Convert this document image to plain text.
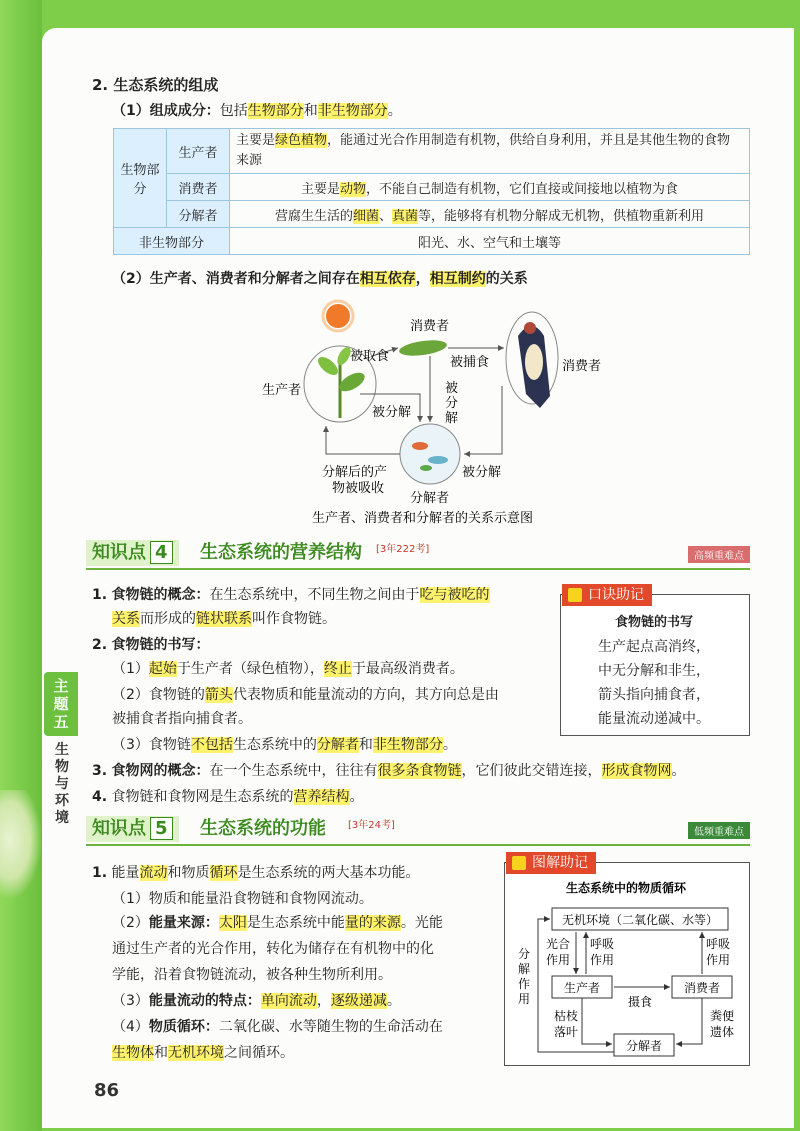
主
题
五
生
物
与
环
境
2. 生态系统的组成
（1）组成成分：包括生物部分和非生物部分。
生物部分	生产者	主要是绿色植物，能通过光合作用制造有机物，供给自身利用，并且是其他生物的食物
来源
	消费者	主要是动物，不能自己制造有机物，它们直接或间接地以植物为食
	分解者	营腐生生活的细菌、真菌等，能够将有机物分解成无机物，供植物重新利用
非生物部分		阳光、水、空气和土壤等
（2）生产者、消费者和分解者之间存在相互依存，相互制约的关系
消费者
消费者
生产者
分解者
被取食	被捕食
被分解
被分解
被
分
解
分解后的产
物被吸收
生产者、消费者和分解者的关系示意图
知识点 4	生态系统的营养结构 [3年222考]
高频重难点
1. 食物链的概念：在生态系统中，不同生物之间由于吃与被吃的
关系而形成的链状联系叫作食物链。
2. 食物链的书写：
（1）起始于生产者（绿色植物），终止于最高级消费者。
（2）食物链的箭头代表物质和能量流动的方向，其方向总是由
被捕食者指向捕食者。
（3）食物链不包括生态系统中的分解者和非生物部分。
3. 食物网的概念：在一个生态系统中，往往有很多条食物链，它们彼此交错连接，形成食物网。
4. 食物链和食物网是生态系统的营养结构。
口诀助记
食物链的书写
生产起点高消终，
中无分解和非生，
箭头指向捕食者，
能量流动递减中。
知识点 5	生态系统的功能 [3年24考]
低频重难点
1. 能量流动和物质循环是生态系统的两大基本功能。
（1）物质和能量沿食物链和食物网流动。
（2）能量来源：太阳是生态系统中能量的来源。光能
通过生产者的光合作用，转化为储存在有机物中的化
学能，沿着食物链流动，被各种生物所利用。
（3）能量流动的特点：单向流动，逐级递减。
（4）物质循环：二氧化碳、水等随生物的生命活动在
生物体和无机环境之间循环。
图解助记
生态系统中的物质循环
无机环境（二氧化碳、水等）
生产者	消费者
分解者
光合
作用
呼吸
作用
呼吸
作用
摄食
枯枝
落叶
粪便
遗体
分
解
作
用
86
